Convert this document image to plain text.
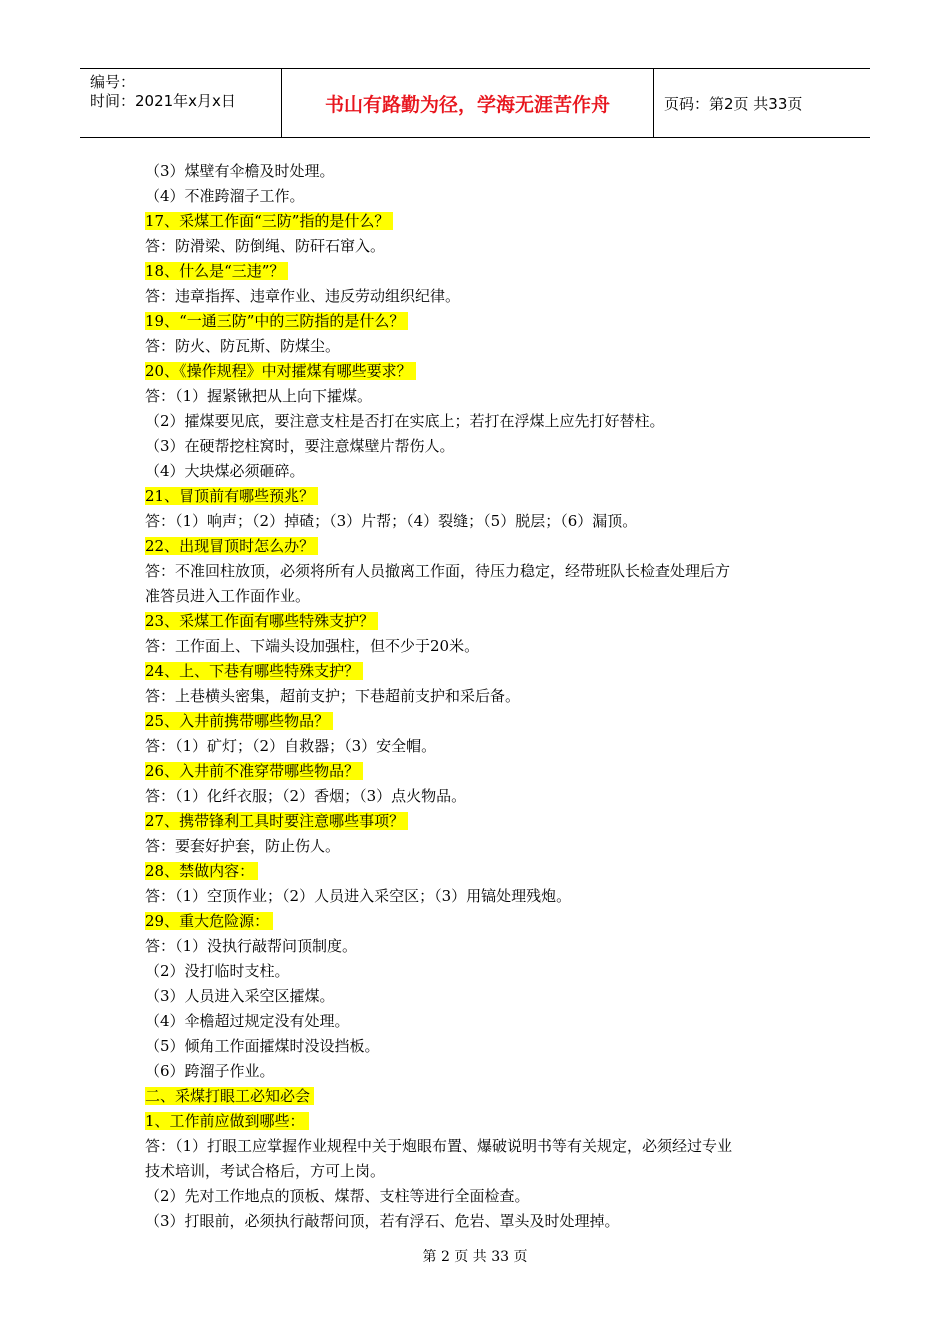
编号：
时间：2021年x月x日	书山有路勤为径，学海无涯苦作舟	页码：第2页 共33页
（3）煤壁有伞檐及时处理。
（4）不准跨溜子工作。
17、采煤工作面“三防”指的是什么？
答：防滑梁、防倒绳、防矸石窜入。
18、什么是“三违”？
答：违章指挥、违章作业、违反劳动组织纪律。
19、“一通三防”中的三防指的是什么？
答：防火、防瓦斯、防煤尘。
20、《操作规程》中对攉煤有哪些要求？
答：（1）握紧锹把从上向下攉煤。
（2）攉煤要见底，要注意支柱是否打在实底上；若打在浮煤上应先打好替柱。
（3）在硬帮挖柱窝时，要注意煤壁片帮伤人。
（4）大块煤必须砸碎。
21、冒顶前有哪些预兆？
答：（1）响声；（2）掉碴；（3）片帮；（4）裂缝；（5）脱层；（6）漏顶。
22、出现冒顶时怎么办？
答：不准回柱放顶，必须将所有人员撤离工作面，待压力稳定，经带班队长检查处理后方
准答员进入工作面作业。
23、采煤工作面有哪些特殊支护？
答：工作面上、下端头设加强柱，但不少于20米。
24、上、下巷有哪些特殊支护？
答：上巷横头密集，超前支护；下巷超前支护和采后备。
25、入井前携带哪些物品？
答：（1）矿灯；（2）自救器；（3）安全帽。
26、入井前不准穿带哪些物品？
答：（1）化纤衣服；（2）香烟；（3）点火物品。
27、携带锋利工具时要注意哪些事项？
答：要套好护套，防止伤人。
28、禁做内容：
答：（1）空顶作业；（2）人员进入采空区；（3）用镐处理残炮。
29、重大危险源：
答：（1）没执行敲帮问顶制度。
（2）没打临时支柱。
（3）人员进入采空区攉煤。
（4）伞檐超过规定没有处理。
（5）倾角工作面攉煤时没设挡板。
（6）跨溜子作业。
二、采煤打眼工必知必会
1、工作前应做到哪些：
答：（1）打眼工应掌握作业规程中关于炮眼布置、爆破说明书等有关规定，必须经过专业
技术培训，考试合格后，方可上岗。
（2）先对工作地点的顶板、煤帮、支柱等进行全面检查。
（3）打眼前，必须执行敲帮问顶，若有浮石、危岩、罩头及时处理掉。
第 2 页 共 33 页
